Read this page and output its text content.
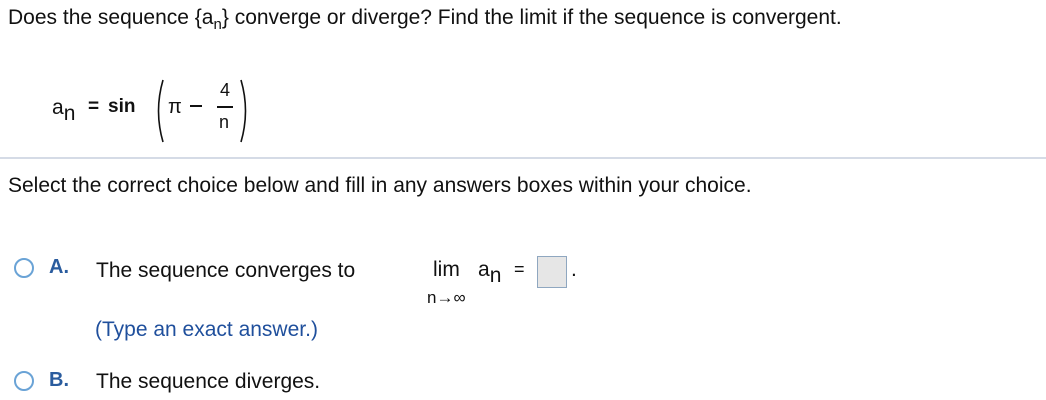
Does the sequence $\{a_n\}$ converge or diverge? Find the limit if the sequence is convergent.
an = sin π
4
n
Select the correct choice below and fill in any answers boxes within your choice.
A. The sequence converges to	lim
n→∞
an = .
(Type an exact answer.)
B. The sequence diverges.
